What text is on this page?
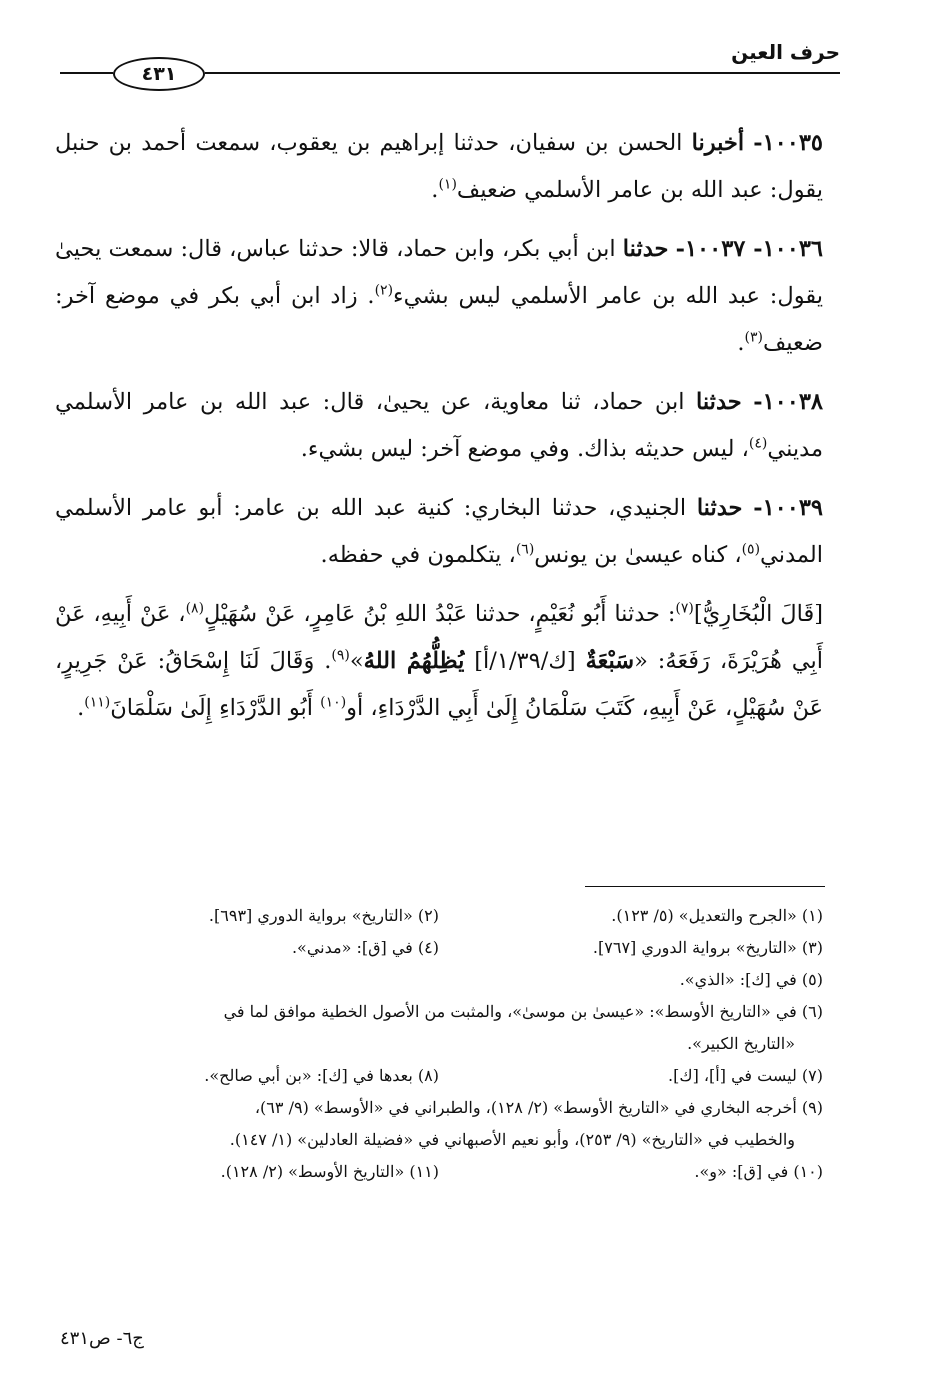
حرف العين
٤٣١

١٠٠٣٥- أخبرنا الحسن بن سفيان، حدثنا إبراهيم بن يعقوب، سمعت أحمد بن حنبل يقول: عبد الله بن عامر الأسلمي ضعيف$^{(١)}$.

١٠٠٣٦- ١٠٠٣٧- حدثنا ابن أبي بكر، وابن حماد، قالا: حدثنا عباس، قال: سمعت يحيىٰ يقول: عبد الله بن عامر الأسلمي ليس بشيء$^{(٢)}$. زاد ابن أبي بكر في موضع آخر: ضعيف$^{(٣)}$.

١٠٠٣٨- حدثنا ابن حماد، ثنا معاوية، عن يحيىٰ، قال: عبد الله بن عامر الأسلمي مديني$^{(٤)}$، ليس حديثه بذاك. وفي موضع آخر: ليس بشيء.

١٠٠٣٩- حدثنا الجنيدي، حدثنا البخاري: كنية عبد الله بن عامر: أبو عامر الأسلمي المدني$^{(٥)}$، كناه عيسىٰ بن يونس$^{(٦)}$، يتكلمون في حفظه.

[قَالَ الْبُخَارِيُّ]$^{(٧)}$: حدثنا أَبُو نُعَيْمٍ، حدثنا عَبْدُ اللهِ بْنُ عَامِرٍ، عَنْ سُهَيْلٍ$^{(٨)}$، عَنْ أَبِيهِ، عَنْ أَبِي هُرَيْرَةَ، رَفَعَهُ: «سَبْعَةٌ [ك/١/٣٩/أ] يُظِلُّهُمُ اللهُ»$^{(٩)}$. وَقَالَ لَنَا إِسْحَاقُ: عَنْ جَرِيرٍ، عَنْ سُهَيْلٍ، عَنْ أَبِيهِ، كَتَبَ سَلْمَانُ إِلَىٰ أَبِي الدَّرْدَاءِ، أو$^{(١٠)}$ أَبُو الدَّرْدَاءِ إِلَىٰ سَلْمَانَ$^{(١١)}$.

(١) «الجرح والتعديل» (٥/ ١٢٣).
(٢) «التاريخ» برواية الدوري [٦٩٣].
(٣) «التاريخ» برواية الدوري [٧٦٧].
(٤) في [ق]: «مدني».
(٥) في [ك]: «الذي».
(٦) في «التاريخ الأوسط»: «عيسىٰ بن موسىٰ»، والمثبت من الأصول الخطية موافق لما في
«التاريخ الكبير».
(٧) ليست في [أ]، [ك].
(٨) بعدها في [ك]: «بن أبي صالح».
(٩) أخرجه البخاري في «التاريخ الأوسط» (٢/ ١٢٨)، والطبراني في «الأوسط» (٩/ ٦٣)،
والخطيب في «التاريخ» (٩/ ٢٥٣)، وأبو نعيم الأصبهاني في «فضيلة العادلين» (١/ ١٤٧).
(١٠) في [ق]: «و».
(١١) «التاريخ الأوسط» (٢/ ١٢٨).
ج٦- ص٤٣١
